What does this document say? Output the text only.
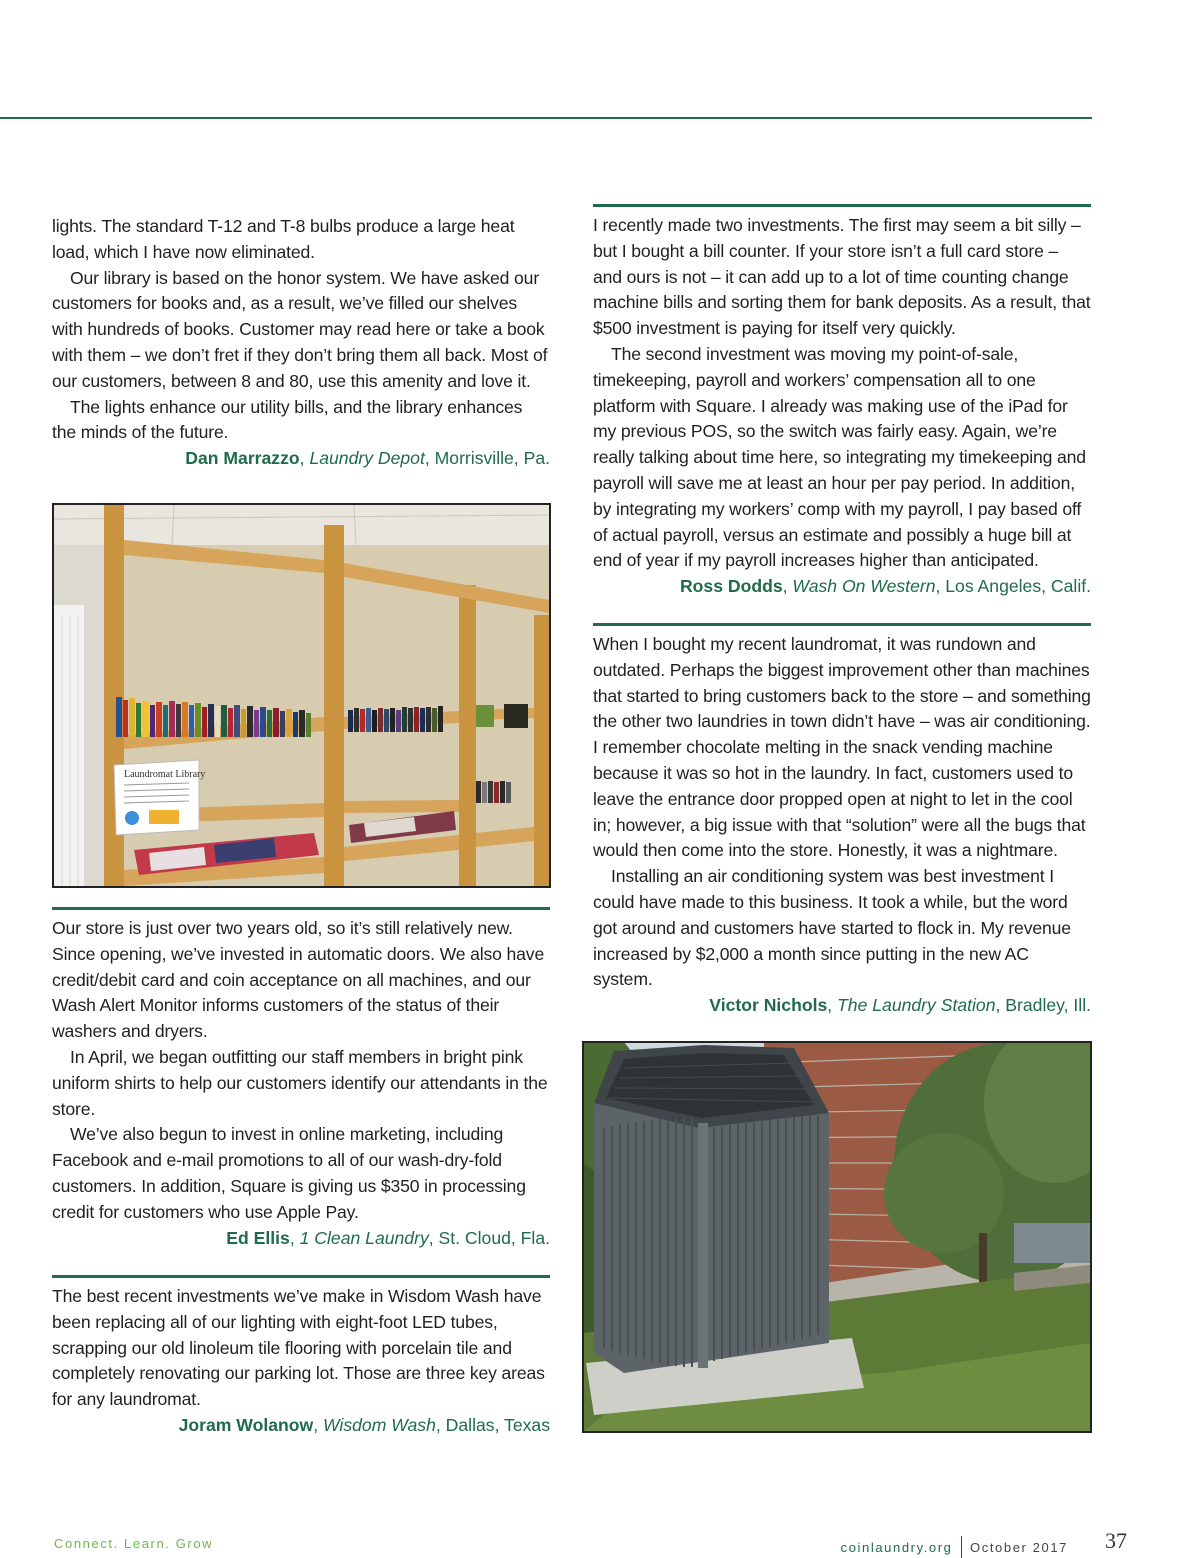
lights. The standard T-12 and T-8 bulbs produce a large heat load, which I have now eliminated.

Our library is based on the honor system. We have asked our customers for books and, as a result, we’ve filled our shelves with hundreds of books. Customer may read here or take a book with them – we don’t fret if they don’t bring them all back. Most of our customers, between 8 and 80, use this amenity and love it.

The lights enhance our utility bills, and the library enhances the minds of the future.

Dan Marrazzo, Laundry Depot, Morrisville, Pa.

Laundromat Library

Our store is just over two years old, so it’s still relatively new. Since opening, we’ve invested in automatic doors. We also have credit/debit card and coin acceptance on all machines, and our Wash Alert Monitor informs customers of the status of their washers and dryers.

In April, we began outfitting our staff members in bright pink uniform shirts to help our customers identify our attendants in the store.

We’ve also begun to invest in online marketing, including Facebook and e-mail promotions to all of our wash-dry-fold customers. In addition, Square is giving us $350 in processing credit for customers who use Apple Pay.

Ed Ellis, 1 Clean Laundry, St. Cloud, Fla.

The best recent investments we’ve make in Wisdom Wash have been replacing all of our lighting with eight-foot LED tubes, scrapping our old linoleum tile flooring with porcelain tile and completely renovating our parking lot. Those are three key areas for any laundromat.

Joram Wolanow, Wisdom Wash, Dallas, Texas

I recently made two investments. The first may seem a bit silly – but I bought a bill counter. If your store isn’t a full card store – and ours is not – it can add up to a lot of time counting change machine bills and sorting them for bank deposits. As a result, that $500 investment is paying for itself very quickly.

The second investment was moving my point-of-sale, timekeeping, payroll and workers’ compensation all to one platform with Square. I already was making use of the iPad for my previous POS, so the switch was fairly easy. Again, we’re really talking about time here, so integrating my timekeeping and payroll will save me at least an hour per pay period. In addition, by integrating my workers’ comp with my payroll, I pay based off of actual payroll, versus an estimate and possibly a huge bill at end of year if my payroll increases higher than anticipated.

Ross Dodds, Wash On Western, Los Angeles, Calif.

When I bought my recent laundromat, it was rundown and outdated. Perhaps the biggest improvement other than machines that started to bring customers back to the store – and something the other two laundries in town didn’t have – was air conditioning. I remember chocolate melting in the snack vending machine because it was so hot in the laundry. In fact, customers used to leave the entrance door propped open at night to let in the cool in; however, a big issue with that “solution” were all the bugs that would then come into the store. Honestly, it was a nightmare.

Installing an air conditioning system was best investment I could have made to this business. It took a while, but the word got around and customers have started to flock in. My revenue increased by $2,000 a month since putting in the new AC system.

Victor Nichols, The Laundry Station, Bradley, Ill.

Connect. Learn. Grow	coinlaundry.org October 2017 37
